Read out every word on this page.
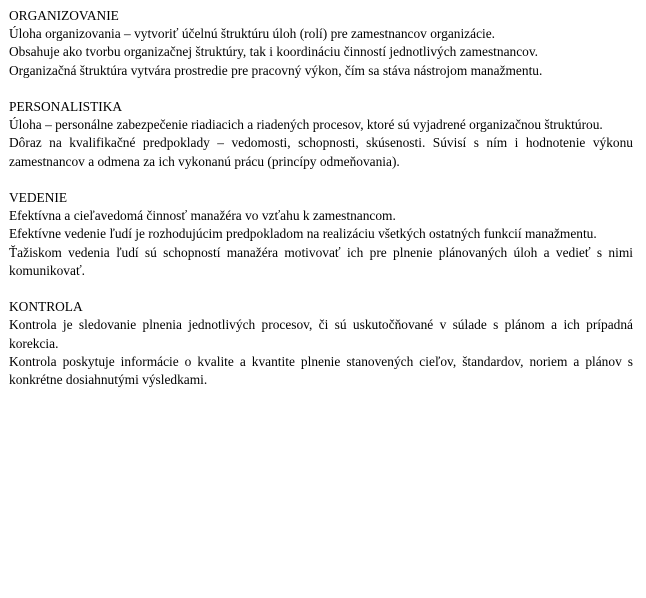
ORGANIZOVANIE

Úloha organizovania – vytvoriť účelnú štruktúru úloh (rolí) pre zamestnancov organizácie.

Obsahuje ako tvorbu organizačnej štruktúry, tak i koordináciu činností jednotlivých zamestnancov.

Organizačná štruktúra vytvára prostredie pre pracovný výkon, čím sa stáva nástrojom manažmentu.

PERSONALISTIKA

Úloha – personálne zabezpečenie riadiacich a riadených procesov, ktoré sú vyjadrené organizačnou štruktúrou.

Dôraz na kvalifikačné predpoklady – vedomosti, schopnosti, skúsenosti. Súvisí s ním i hodnotenie výkonu zamestnancov a odmena za ich vykonanú prácu (princípy odmeňovania).

VEDENIE

Efektívna a cieľavedomá činnosť manažéra vo vzťahu k zamestnancom.

Efektívne vedenie ľudí je rozhodujúcim predpokladom na realizáciu všetkých ostatných funkcií manažmentu.

Ťažiskom vedenia ľudí sú schopností manažéra motivovať ich pre plnenie plánovaných úloh a vedieť s nimi komunikovať.

KONTROLA

Kontrola je sledovanie plnenia jednotlivých procesov, či sú uskutočňované v súlade s plánom a ich prípadná korekcia.

Kontrola poskytuje informácie o kvalite a kvantite plnenie stanovených cieľov, štandardov, noriem a plánov s konkrétne dosiahnutými výsledkami.
